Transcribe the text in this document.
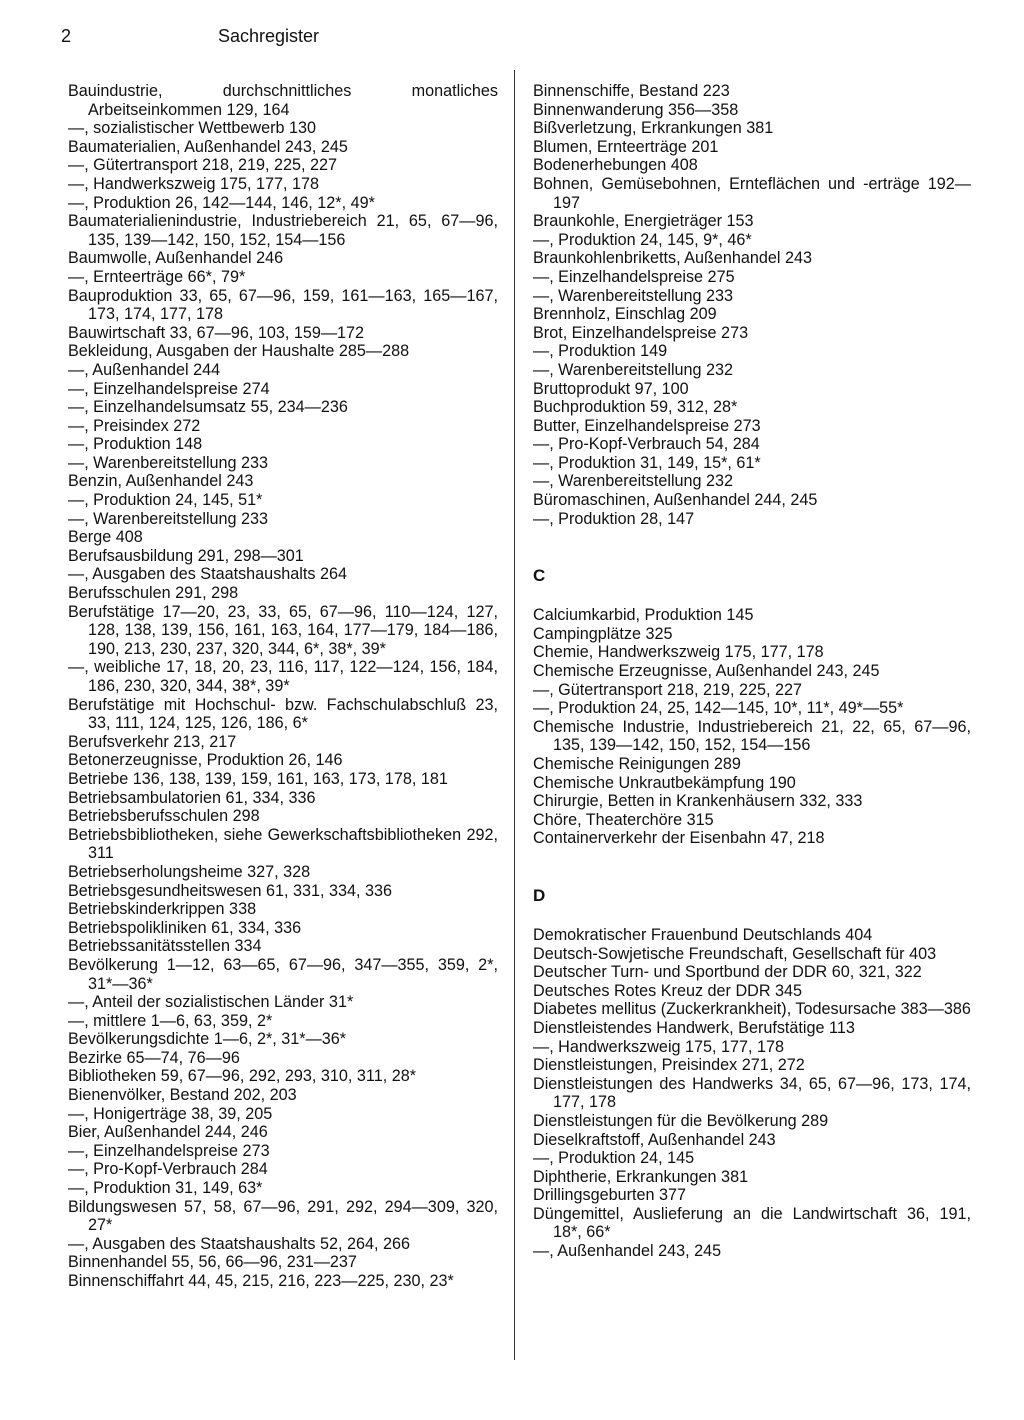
2	Sachregister

Bauindustrie, durchschnittliches monatliches Arbeitseinkommen 129, 164

—, sozialistischer Wettbewerb 130

Baumaterialien, Außenhandel 243, 245

—, Gütertransport 218, 219, 225, 227

—, Handwerkszweig 175, 177, 178

—, Produktion 26, 142—144, 146, 12*, 49*

Baumaterialienindustrie, Industriebereich 21, 65, 67—96, 135, 139—142, 150, 152, 154—156

Baumwolle, Außenhandel 246

—, Ernteerträge 66*, 79*

Bauproduktion 33, 65, 67—96, 159, 161—163, 165—167, 173, 174, 177, 178

Bauwirtschaft 33, 67—96, 103, 159—172

Bekleidung, Ausgaben der Haushalte 285—288

—, Außenhandel 244

—, Einzelhandelspreise 274

—, Einzelhandelsumsatz 55, 234—236

—, Preisindex 272

—, Produktion 148

—, Warenbereitstellung 233

Benzin, Außenhandel 243

—, Produktion 24, 145, 51*

—, Warenbereitstellung 233

Berge 408

Berufsausbildung 291, 298—301

—, Ausgaben des Staatshaushalts 264

Berufsschulen 291, 298

Berufstätige 17—20, 23, 33, 65, 67—96, 110—124, 127, 128, 138, 139, 156, 161, 163, 164, 177—179, 184—186, 190, 213, 230, 237, 320, 344, 6*, 38*, 39*

—, weibliche 17, 18, 20, 23, 116, 117, 122—124, 156, 184, 186, 230, 320, 344, 38*, 39*

Berufstätige mit Hochschul- bzw. Fachschulabschluß 23, 33, 111, 124, 125, 126, 186, 6*

Berufsverkehr 213, 217

Betonerzeugnisse, Produktion 26, 146

Betriebe 136, 138, 139, 159, 161, 163, 173, 178, 181

Betriebsambulatorien 61, 334, 336

Betriebsberufsschulen 298

Betriebsbibliotheken, siehe Gewerkschaftsbibliotheken 292, 311

Betriebserholungsheime 327, 328

Betriebsgesundheitswesen 61, 331, 334, 336

Betriebskinderkrippen 338

Betriebspolikliniken 61, 334, 336

Betriebssanitätsstellen 334

Bevölkerung 1—12, 63—65, 67—96, 347—355, 359, 2*, 31*—36*

—, Anteil der sozialistischen Länder 31*

—, mittlere 1—6, 63, 359, 2*

Bevölkerungsdichte 1—6, 2*, 31*—36*

Bezirke 65—74, 76—96

Bibliotheken 59, 67—96, 292, 293, 310, 311, 28*

Bienenvölker, Bestand 202, 203

—, Honigerträge 38, 39, 205

Bier, Außenhandel 244, 246

—, Einzelhandelspreise 273

—, Pro-Kopf-Verbrauch 284

—, Produktion 31, 149, 63*

Bildungswesen 57, 58, 67—96, 291, 292, 294—309, 320, 27*

—, Ausgaben des Staatshaushalts 52, 264, 266

Binnenhandel 55, 56, 66—96, 231—237

Binnenschiffahrt 44, 45, 215, 216, 223—225, 230, 23*

Binnenschiffe, Bestand 223

Binnenwanderung 356—358

Bißverletzung, Erkrankungen 381

Blumen, Ernteerträge 201

Bodenerhebungen 408

Bohnen, Gemüsebohnen, Ernteflächen und -erträge 192—197

Braunkohle, Energieträger 153

—, Produktion 24, 145, 9*, 46*

Braunkohlenbriketts, Außenhandel 243

—, Einzelhandelspreise 275

—, Warenbereitstellung 233

Brennholz, Einschlag 209

Brot, Einzelhandelspreise 273

—, Produktion 149

—, Warenbereitstellung 232

Bruttoprodukt 97, 100

Buchproduktion 59, 312, 28*

Butter, Einzelhandelspreise 273

—, Pro-Kopf-Verbrauch 54, 284

—, Produktion 31, 149, 15*, 61*

—, Warenbereitstellung 232

Büromaschinen, Außenhandel 244, 245

—, Produktion 28, 147

C

Calciumkarbid, Produktion 145

Campingplätze 325

Chemie, Handwerkszweig 175, 177, 178

Chemische Erzeugnisse, Außenhandel 243, 245

—, Gütertransport 218, 219, 225, 227

—, Produktion 24, 25, 142—145, 10*, 11*, 49*—55*

Chemische Industrie, Industriebereich 21, 22, 65, 67—96, 135, 139—142, 150, 152, 154—156

Chemische Reinigungen 289

Chemische Unkrautbekämpfung 190

Chirurgie, Betten in Krankenhäusern 332, 333

Chöre, Theaterchöre 315

Containerverkehr der Eisenbahn 47, 218

D

Demokratischer Frauenbund Deutschlands 404

Deutsch-Sowjetische Freundschaft, Gesellschaft für 403

Deutscher Turn- und Sportbund der DDR 60, 321, 322

Deutsches Rotes Kreuz der DDR 345

Diabetes mellitus (Zuckerkrankheit), Todesursache 383—386

Dienstleistendes Handwerk, Berufstätige 113

—, Handwerkszweig 175, 177, 178

Dienstleistungen, Preisindex 271, 272

Dienstleistungen des Handwerks 34, 65, 67—96, 173, 174, 177, 178

Dienstleistungen für die Bevölkerung 289

Dieselkraftstoff, Außenhandel 243

—, Produktion 24, 145

Diphtherie, Erkrankungen 381

Drillingsgeburten 377

Düngemittel, Auslieferung an die Landwirtschaft 36, 191, 18*, 66*

—, Außenhandel 243, 245
